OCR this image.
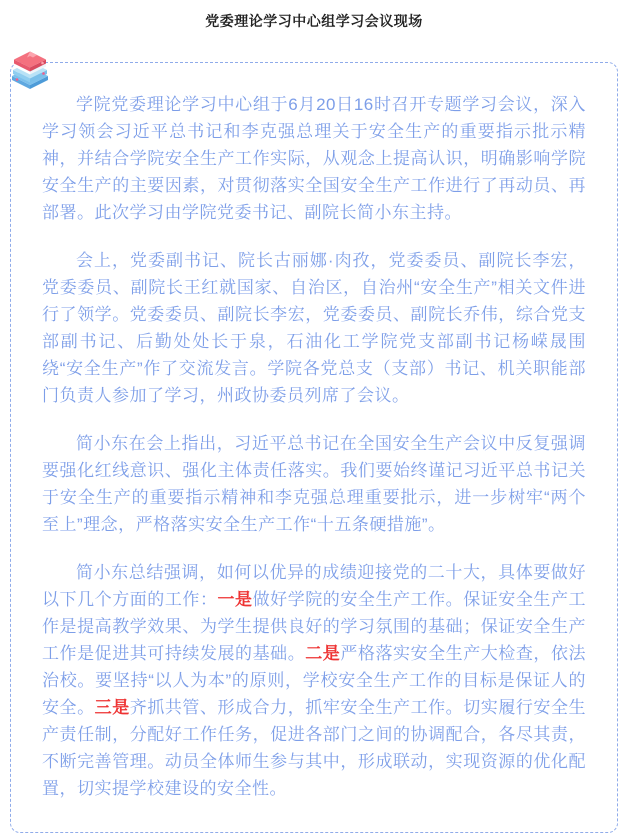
党委理论学习中心组学习会议现场

学院党委理论学习中心组于6月20日16时召开专题学习会议，深入学习领会习近平总书记和李克强总理关于安全生产的重要指示批示精神，并结合学院安全生产工作实际，从观念上提高认识，明确影响学院安全生产的主要因素，对贯彻落实全国安全生产工作进行了再动员、再部署。此次学习由学院党委书记、副院长简小东主持。

会上，党委副书记、院长古丽娜·肉孜，党委委员、副院长李宏，党委委员、副院长王红就国家、自治区，自治州“安全生产”相关文件进行了领学。党委委员、副院长李宏，党委委员、副院长乔伟，综合党支部副书记、后勤处处长于泉，石油化工学院党支部副书记杨嵘晟围绕“安全生产”作了交流发言。学院各党总支（支部）书记、机关职能部门负责人参加了学习，州政协委员列席了会议。

简小东在会上指出，习近平总书记在全国安全生产会议中反复强调要强化红线意识、强化主体责任落实。我们要始终谨记习近平总书记关于安全生产的重要指示精神和李克强总理重要批示，进一步树牢“两个至上”理念，严格落实安全生产工作“十五条硬措施”。

简小东总结强调，如何以优异的成绩迎接党的二十大，具体要做好以下几个方面的工作：一是做好学院的安全生产工作。保证安全生产工作是提高教学效果、为学生提供良好的学习氛围的基础；保证安全生产工作是促进其可持续发展的基础。二是严格落实安全生产大检查，依法治校。要坚持“以人为本”的原则，学校安全生产工作的目标是保证人的安全。三是齐抓共管、形成合力，抓牢安全生产工作。切实履行安全生产责任制，分配好工作任务，促进各部门之间的协调配合，各尽其责，不断完善管理。动员全体师生参与其中，形成联动，实现资源的优化配置，切实提学校建设的安全性。
